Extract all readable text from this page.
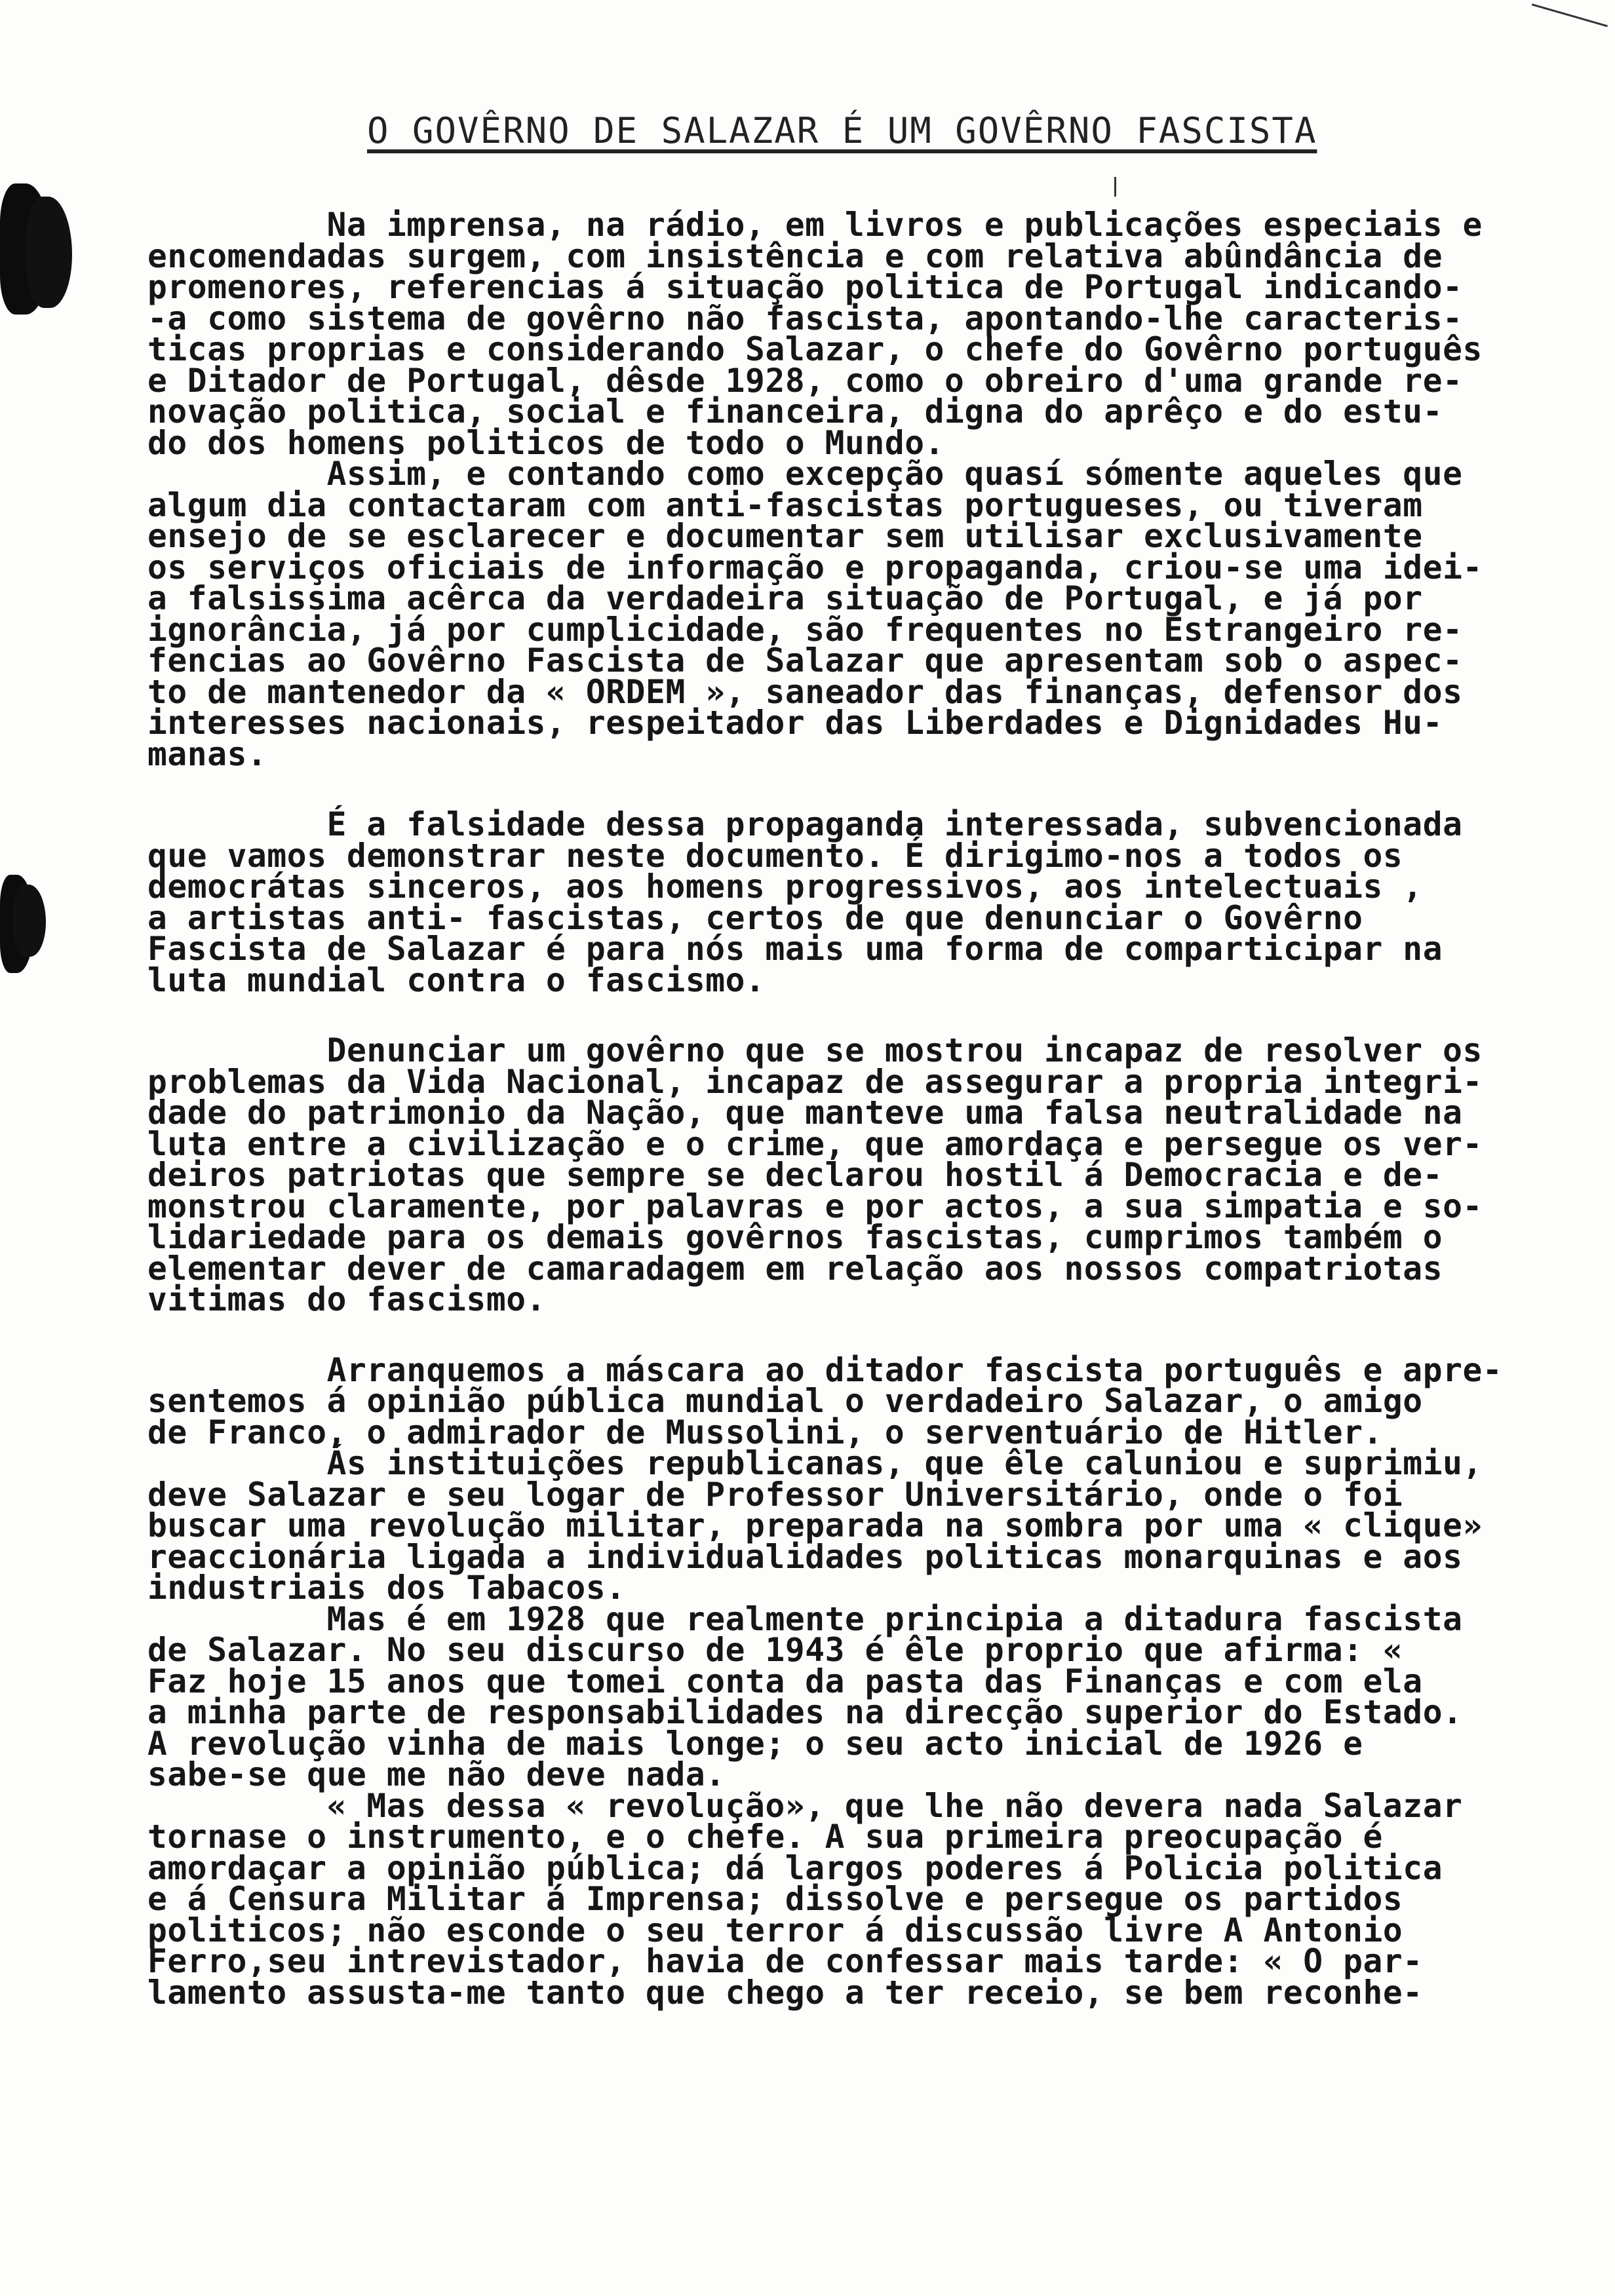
O GOVÊRNO DE SALAZAR É UM GOVÊRNO FASCISTA
Na imprensa, na rádio, em livros e publicações especiais e
encomendadas surgem, com insistência e com relativa abûndância de
promenores, referencias á situação politica de Portugal indicando-
-a como sistema de govêrno não fascista, apontando-lhe caracteris-
ticas proprias e considerando Salazar, o chefe do Govêrno português
e Ditador de Portugal, dêsde 1928, como o obreiro d'uma grande re-
novação politica, social e financeira, digna do aprêço e do estu-
do dos homens politicos de todo o Mundo.
Assim, e contando como excepção quasí sómente aqueles que
algum dia contactaram com anti-fascistas portugueses, ou tiveram
ensejo de se esclarecer e documentar sem utilisar exclusivamente
os serviços oficiais de informação e propaganda, criou-se uma idei-
a falsissima acêrca da verdadeira situação de Portugal, e já por
ignorância, já por cumplicidade, são frequentes no Estrangeiro re-
fencias ao Govêrno Fascista de Salazar que apresentam sob o aspec-
to de mantenedor da « ORDEM », saneador das finanças, defensor dos
interesses nacionais, respeitador das Liberdades e Dignidades Hu-
manas.
É a falsidade dessa propaganda interessada, subvencionada
que vamos demonstrar neste documento. É dirigimo-nos a todos os
democrátas sinceros, aos homens progressivos, aos intelectuais ,
a artistas anti- fascistas, certos de que denunciar o Govêrno
Fascista de Salazar é para nós mais uma forma de comparticipar na
luta mundial contra o fascismo.
Denunciar um govêrno que se mostrou incapaz de resolver os
problemas da Vida Nacional, incapaz de assegurar a propria integri-
dade do patrimonio da Nação, que manteve uma falsa neutralidade na
luta entre a civilização e o crime, que amordaça e persegue os ver-
deiros patriotas que sempre se declarou hostil á Democracia e de-
monstrou claramente, por palavras e por actos, a sua simpatia e so-
lidariedade para os demais govêrnos fascistas, cumprimos também o
elementar dever de camaradagem em relação aos nossos compatriotas
vitimas do fascismo.
Arranquemos a máscara ao ditador fascista português e apre-
sentemos á opinião pública mundial o verdadeiro Salazar, o amigo
de Franco, o admirador de Mussolini, o serventuário de Hitler.
Ás instituições republicanas, que êle caluniou e suprimiu,
deve Salazar e seu logar de Professor Universitário, onde o foi
buscar uma revolução militar, preparada na sombra por uma « clique»
reaccionária ligada a individualidades politicas monarquinas e aos
industriais dos Tabacos.
Mas é em 1928 que realmente principia a ditadura fascista
de Salazar. No seu discurso de 1943 é êle proprio que afirma: «
Faz hoje 15 anos que tomei conta da pasta das Finanças e com ela
a minha parte de responsabilidades na direcção superior do Estado.
A revolução vinha de mais longe; o seu acto inicial de 1926 e
sabe-se que me não deve nada.
« Mas dessa « revolução», que lhe não devera nada Salazar
tornase o instrumento, e o chefe. A sua primeira preocupação é
amordaçar a opinião pública; dá largos poderes á Policia politica
e á Censura Militar á Imprensa; dissolve e persegue os partidos
politicos; não esconde o seu terror á discussão livre A Antonio
Ferro,seu intrevistador, havia de confessar mais tarde: « O par-
lamento assusta-me tanto que chego a ter receio, se bem reconhe-
